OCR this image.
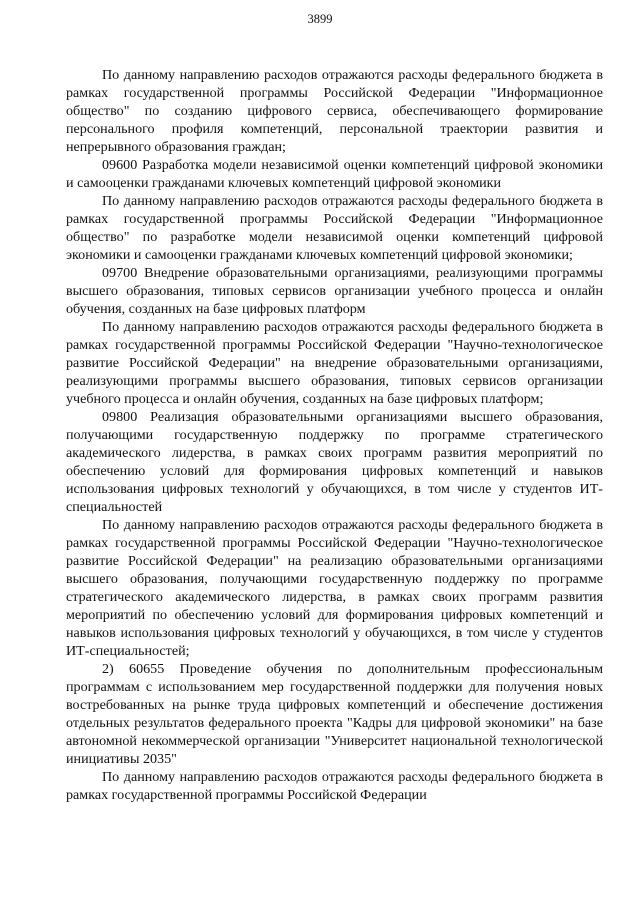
3899

По данному направлению расходов отражаются расходы федерального бюджета в рамках государственной программы Российской Федерации "Информационное общество" по созданию цифрового сервиса, обеспечивающего формирование персонального профиля компетенций, персональной траектории развития и непрерывного образования граждан;

09600 Разработка модели независимой оценки компетенций цифровой экономики и самооценки гражданами ключевых компетенций цифровой экономики

По данному направлению расходов отражаются расходы федерального бюджета в рамках государственной программы Российской Федерации "Информационное общество" по разработке модели независимой оценки компетенций цифровой экономики и самооценки гражданами ключевых компетенций цифровой экономики;

09700 Внедрение образовательными организациями, реализующими программы высшего образования, типовых сервисов организации учебного процесса и онлайн обучения, созданных на базе цифровых платформ

По данному направлению расходов отражаются расходы федерального бюджета в рамках государственной программы Российской Федерации "Научно-технологическое развитие Российской Федерации" на внедрение образовательными организациями, реализующими программы высшего образования, типовых сервисов организации учебного процесса и онлайн обучения, созданных на базе цифровых платформ;

09800 Реализация образовательными организациями высшего образования, получающими государственную поддержку по программе стратегического академического лидерства, в рамках своих программ развития мероприятий по обеспечению условий для формирования цифровых компетенций и навыков использования цифровых технологий у обучающихся, в том числе у студентов ИТ-специальностей

По данному направлению расходов отражаются расходы федерального бюджета в рамках государственной программы Российской Федерации "Научно-технологическое развитие Российской Федерации" на реализацию образовательными организациями высшего образования, получающими государственную поддержку по программе стратегического академического лидерства, в рамках своих программ развития мероприятий по обеспечению условий для формирования цифровых компетенций и навыков использования цифровых технологий у обучающихся, в том числе у студентов ИТ-специальностей;

2) 60655 Проведение обучения по дополнительным профессиональным программам с использованием мер государственной поддержки для получения новых востребованных на рынке труда цифровых компетенций и обеспечение достижения отдельных результатов федерального проекта "Кадры для цифровой экономики" на базе автономной некоммерческой организации "Университет национальной технологической инициативы 2035"

По данному направлению расходов отражаются расходы федерального бюджета в рамках государственной программы Российской Федерации
